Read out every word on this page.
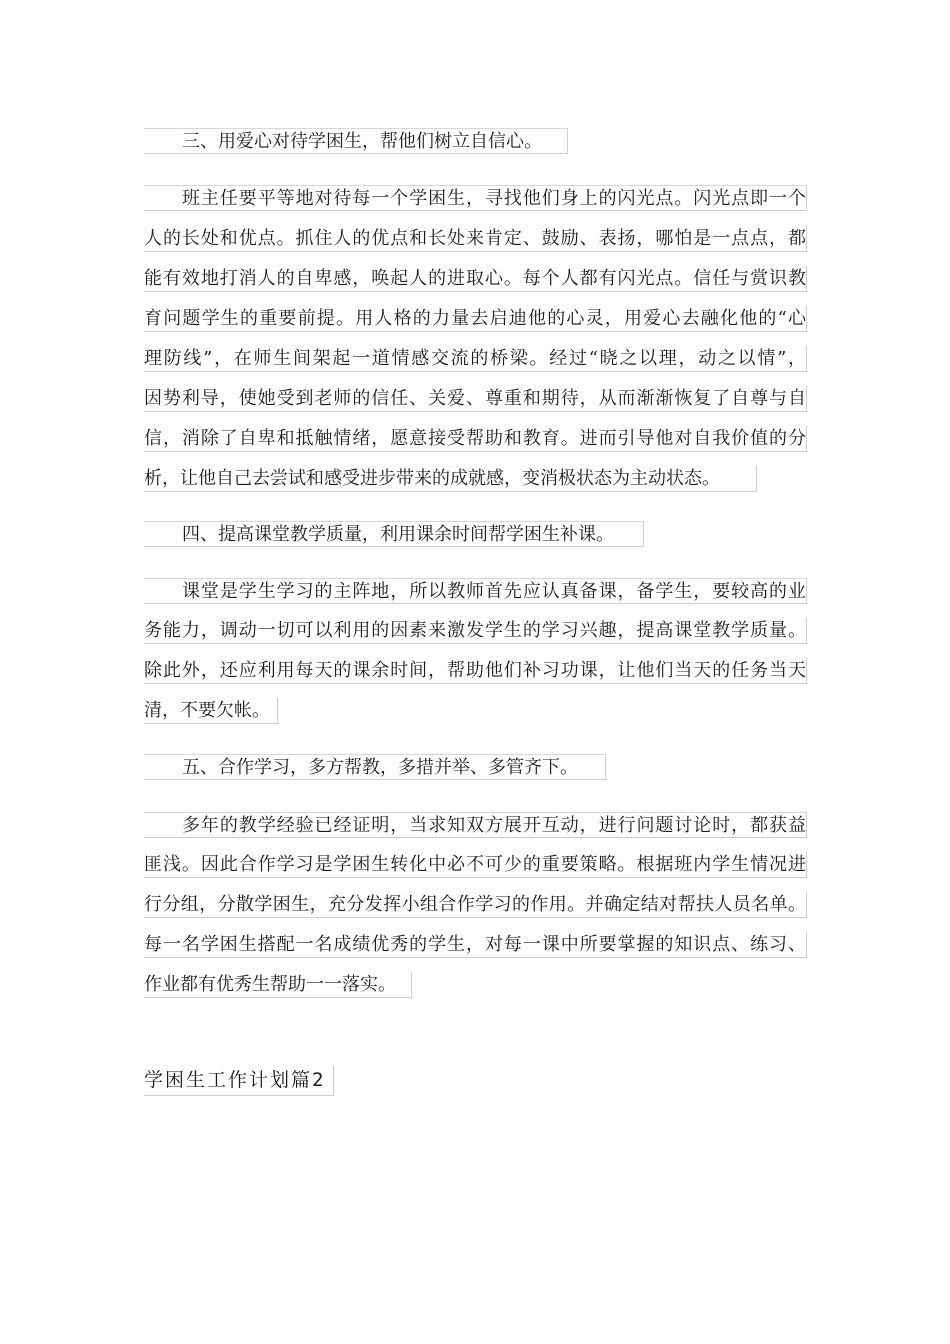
三、用爱心对待学困生，帮他们树立自信心。
班主任要平等地对待每一个学困生，寻找他们身上的闪光点。闪光点即一个
人的长处和优点。抓住人的优点和长处来肯定、鼓励、表扬，哪怕是一点点，都
能有效地打消人的自卑感，唤起人的进取心。每个人都有闪光点。信任与赏识教
育问题学生的重要前提。用人格的力量去启迪他的心灵，用爱心去融化他的“心
理防线”，在师生间架起一道情感交流的桥梁。经过“晓之以理，动之以情”，
因势利导，使她受到老师的信任、关爱、尊重和期待，从而渐渐恢复了自尊与自
信，消除了自卑和抵触情绪，愿意接受帮助和教育。进而引导他对自我价值的分
析，让他自己去尝试和感受进步带来的成就感，变消极状态为主动状态。
四、提高课堂教学质量，利用课余时间帮学困生补课。
课堂是学生学习的主阵地，所以教师首先应认真备课，备学生，要较高的业
务能力，调动一切可以利用的因素来激发学生的学习兴趣，提高课堂教学质量。
除此外，还应利用每天的课余时间，帮助他们补习功课，让他们当天的任务当天
清，不要欠帐。
五、合作学习，多方帮教，多措并举、多管齐下。
多年的教学经验已经证明，当求知双方展开互动，进行问题讨论时，都获益
匪浅。因此合作学习是学困生转化中必不可少的重要策略。根据班内学生情况进
行分组，分散学困生，充分发挥小组合作学习的作用。并确定结对帮扶人员名单。
每一名学困生搭配一名成绩优秀的学生，对每一课中所要掌握的知识点、练习、
作业都有优秀生帮助一一落实。
学困生工作计划篇2
